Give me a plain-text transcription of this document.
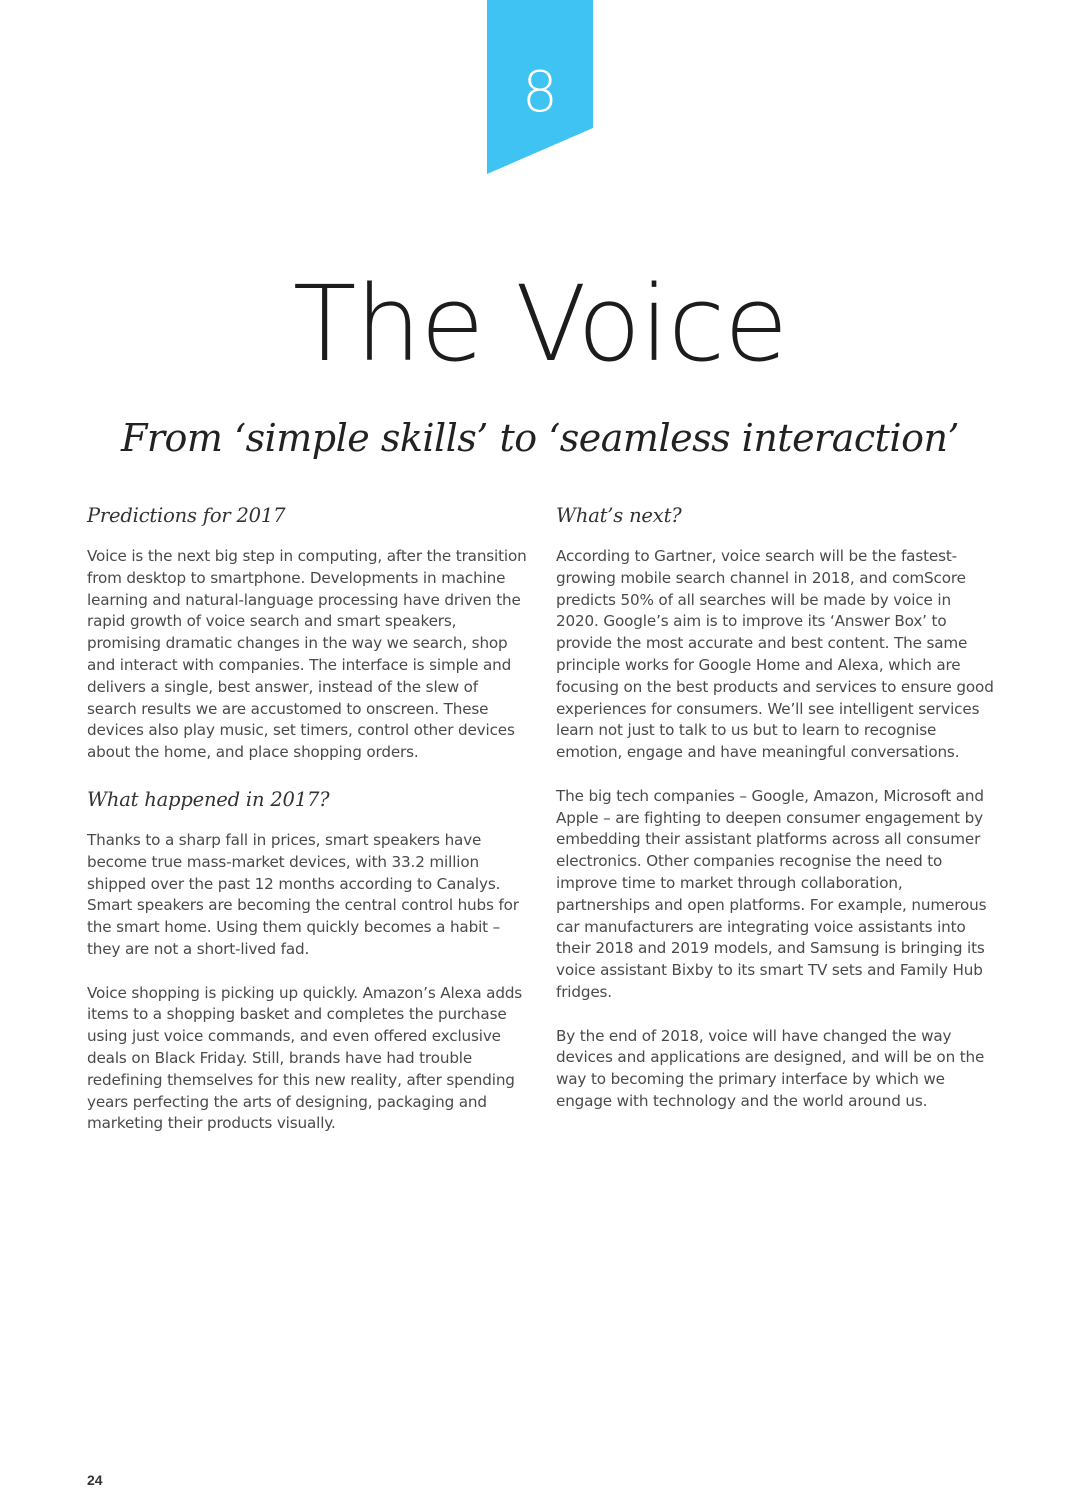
8
The Voice
From ‘simple skills’ to ‘seamless interaction’
Predictions for 2017

Voice is the next big step in computing, after the transition from desktop to smartphone. Developments in machine learning and natural-language processing have driven the rapid growth of voice search and smart speakers, promising dramatic changes in the way we search, shop and interact with companies. The interface is simple and delivers a single, best answer, instead of the slew of search results we are accustomed to onscreen. These devices also play music, set timers, control other devices about the home, and place shopping orders.

What happened in 2017?

Thanks to a sharp fall in prices, smart speakers have become true mass-market devices, with 33.2 million shipped over the past 12 months according to Canalys. Smart speakers are becoming the central control hubs for the smart home. Using them quickly becomes a habit – they are not a short-lived fad.

Voice shopping is picking up quickly. Amazon’s Alexa adds items to a shopping basket and completes the purchase using just voice commands, and even offered exclusive deals on Black Friday. Still, brands have had trouble redefining themselves for this new reality, after spending years perfecting the arts of designing, packaging and marketing their products visually.

What’s next?

According to Gartner, voice search will be the fastest-growing mobile search channel in 2018, and comScore predicts 50% of all searches will be made by voice in 2020. Google’s aim is to improve its ‘Answer Box’ to provide the most accurate and best content. The same principle works for Google Home and Alexa, which are focusing on the best products and services to ensure good experiences for consumers. We’ll see intelligent services learn not just to talk to us but to learn to recognise emotion, engage and have meaningful conversations.

The big tech companies – Google, Amazon, Microsoft and Apple – are fighting to deepen consumer engagement by embedding their assistant platforms across all consumer electronics. Other companies recognise the need to improve time to market through collaboration, partnerships and open platforms. For example, numerous car manufacturers are integrating voice assistants into their 2018 and 2019 models, and Samsung is bringing its voice assistant Bixby to its smart TV sets and Family Hub fridges.

By the end of 2018, voice will have changed the way devices and applications are designed, and will be on the way to becoming the primary interface by which we engage with technology and the world around us.

24
